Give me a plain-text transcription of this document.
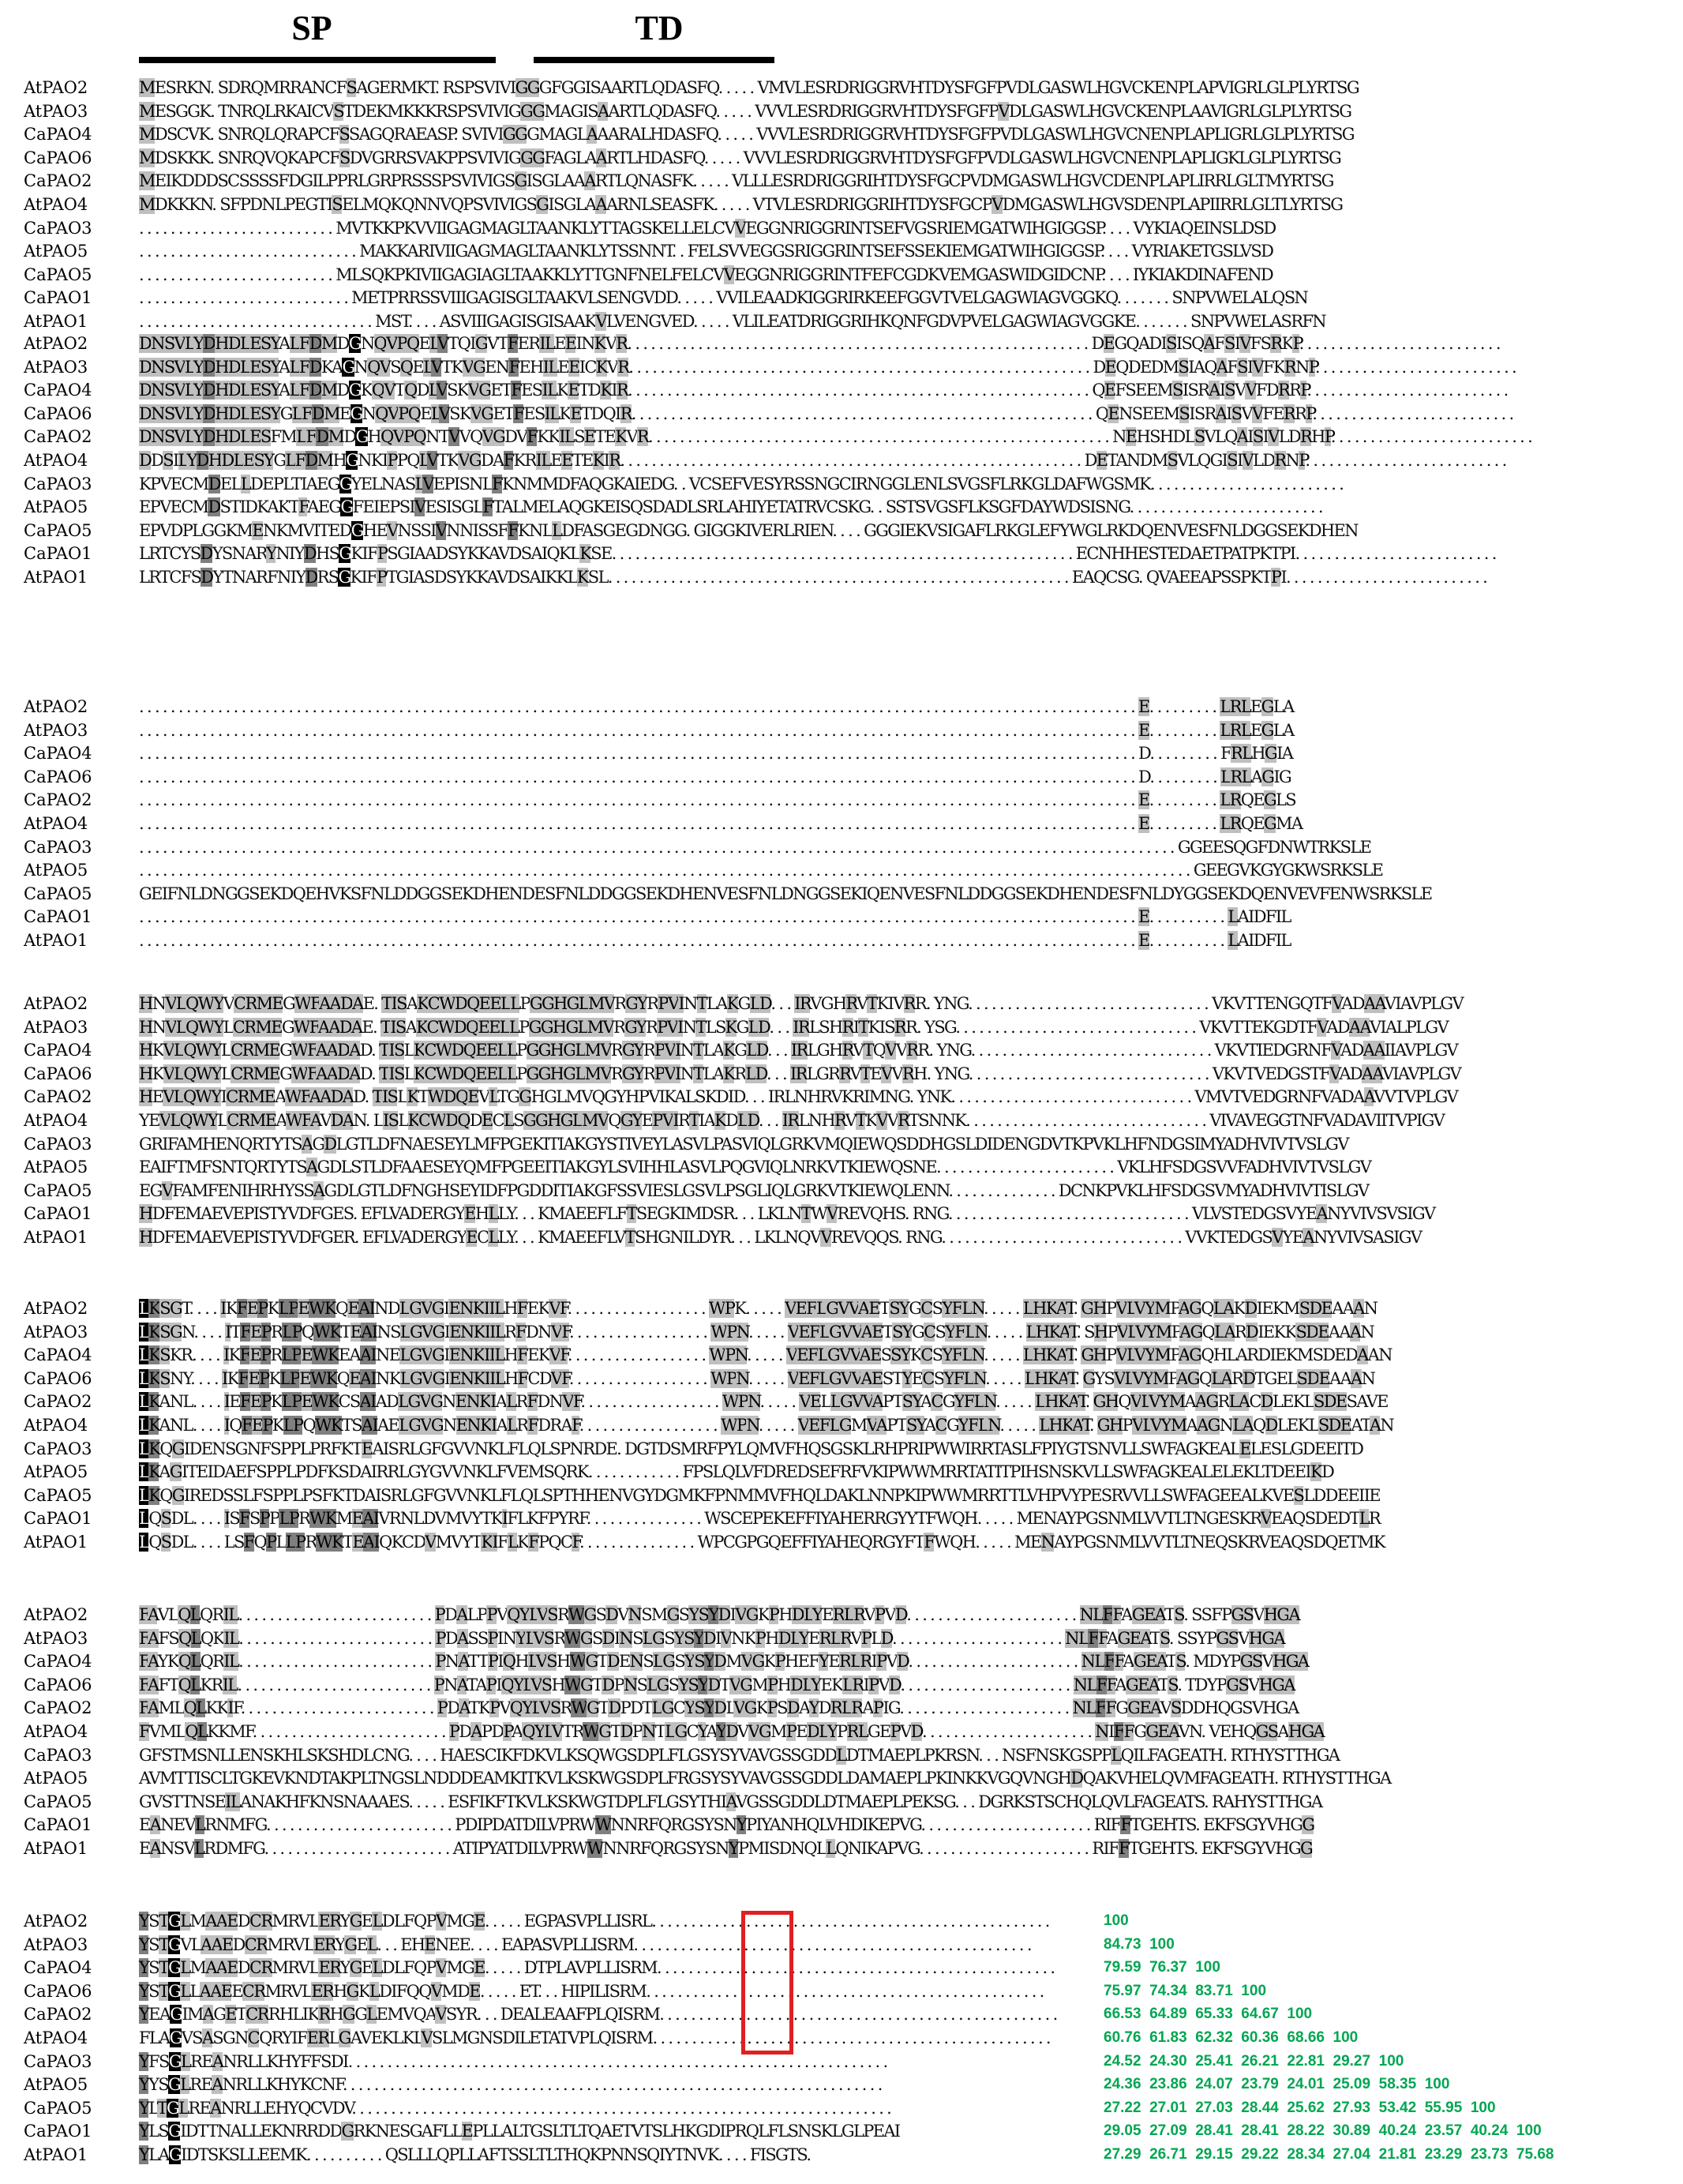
SP	TD
AtPAO2	MESRKN. SDRQMRRANCFSAGERMKT. RSPSVIVIGGGFGGISAARTLQDASFQ. . . . . VMVLESRDRIGGRVHTDYSFGFPVDLGASWLHGVCKENPLAPVIGRLGLPLYRTSG
AtPAO3	MESGGK. TNRQLRKAICVSTDEKMKKKRSPSVIVIGGGMAGISAARTLQDASFQ. . . . . VVVLESRDRIGGRVHTDYSFGFPVDLGASWLHGVCKENPLAAVIGRLGLPLYRTSG
CaPAO4	MDSCVK. SNRQLQRAPCFSSAGQRAEASP. SVIVIGGGMAGLAAARALHDASFQ. . . . . VVVLESRDRIGGRVHTDYSFGFPVDLGASWLHGVCNENPLAPLIGRLGLPLYRTSG
CaPAO6	MDSKKK. SNRQVQKAPCFSDVGRRSVAKPPSVIVIGGGFAGLAARTLHDASFQ. . . . . VVVLESRDRIGGRVHTDYSFGFPVDLGASWLHGVCNENPLAPLIGKLGLPLYRTSG
CaPAO2	MEIKDDDSCSSSSFDGILPPRLGRPRSSSPSVIVIGSGISGLAAARTLQNASFK. . . . . VLLLESRDRIGGRIHTDYSFGCPVDMGASWLHGVCDENPLAPLIRRLGLTMYRTSG
AtPAO4	MDKKKN. SFPDNLPEGTISELMQKQNNVQPSVIVIGSGISGLAAARNLSEASFK. . . . . VTVLESRDRIGGRIHTDYSFGCPVDMGASWLHGVSDENPLAPIIRRLGLTLYRTSG
CaPAO3	. . . . . . . . . . . . . . . . . . . . . . . . . MVTKKPKVVIIGAGMAGLTAANKLYTTAGSKELLELCVVEGGNRIGGRINTSEFVGSRIEMGATWIHGIGGSP. . . . VYKIAQEINSLDSD
AtPAO5	. . . . . . . . . . . . . . . . . . . . . . . . . . . . MAKKARIVIIGAGMAGLTAANKLYTSSNNT. . FELSVVEGGSRIGGRINTSEFSSEKIEMGATWIHGIGGSP. . . . VYRIAKETGSLVSD
CaPAO5	. . . . . . . . . . . . . . . . . . . . . . . . . MLSQKPKIVIIGAGIAGLTAAKKLYTTGNFNELFELCVVEGGNRIGGRINTFEFCGDKVEMGASWIDGIDCNP. . . . IYKIAKDINAFEND
CaPAO1	. . . . . . . . . . . . . . . . . . . . . . . . . . . METPRRSSVIIIGAGISGLTAAKVLSENGVDD. . . . . VVILEAADKIGGRIRKEEFGGVTVELGAGWIAGVGGKQ. . . . . . . SNPVWELALQSN
AtPAO1	. . . . . . . . . . . . . . . . . . . . . . . . . . . . . . MST. . . . ASVIIIGAGISGISAAKVLVENGVED. . . . . VLILEATDRIGGRIHKQNFGDVPVELGAGWIAGVGGKE. . . . . . . SNPVWELASRFN
AtPAO2	DNSVLYDHDLESYALFDMDGNQVPQELVTQIGVTFERILEEINKVR. . . . . . . . . . . . . . . . . . . . . . . . . . . . . . . . . . . . . . . . . . . . . . . . . . . . . . . . . . . DEGQADISISQAFSIVFSRKP. . . . . . . . . . . . . . . . . . . . . . . . . .
AtPAO3	DNSVLYDHDLESYALFDKAGNQVSQELVTKVGENFEHILEEICKVR. . . . . . . . . . . . . . . . . . . . . . . . . . . . . . . . . . . . . . . . . . . . . . . . . . . . . . . . . . . DEQDEDMSIAQAFSIVFKRNP. . . . . . . . . . . . . . . . . . . . . . . . . .
CaPAO4	DNSVLYDHDLESYALFDMDGKQVTQDLVSKVGETFESILKETDKIR. . . . . . . . . . . . . . . . . . . . . . . . . . . . . . . . . . . . . . . . . . . . . . . . . . . . . . . . . . . QEFSEEMSISRAISVVFDRRP. . . . . . . . . . . . . . . . . . . . . . . . . .
CaPAO6	DNSVLYDHDLESYGLFDMEGNQVPQELVSKVGETFESILKETDQIR. . . . . . . . . . . . . . . . . . . . . . . . . . . . . . . . . . . . . . . . . . . . . . . . . . . . . . . . . . . QENSEEMSISRAISVVFERRP. . . . . . . . . . . . . . . . . . . . . . . . . .
CaPAO2	DNSVLYDHDLESFMLFDMDGHQVPQNTVVQVGDVFKKILSETEKVR. . . . . . . . . . . . . . . . . . . . . . . . . . . . . . . . . . . . . . . . . . . . . . . . . . . . . . . . . . . NEHSHDLSVLQAISIVLDRHP. . . . . . . . . . . . . . . . . . . . . . . . . .
AtPAO4	DDSILYDHDLESYGLFDMHGNKIPPQLVTKVGDAFKRILEETEKIR. . . . . . . . . . . . . . . . . . . . . . . . . . . . . . . . . . . . . . . . . . . . . . . . . . . . . . . . . . . DETANDMSVLQGISIVLDRNP. . . . . . . . . . . . . . . . . . . . . . . . . .
CaPAO3	KPVECMDELLDEPLTIAEGGYELNASLVEPISNLFKNMMDFAQGKAIEDG. . VCSEFVESYRSSNGCIRNGGLENLSVGSFLRKGLDAFWGSMK. . . . . . . . . . . . . . . . . . . . . . . . .
AtPAO5	EPVECMDSTIDKAKTFAEGGFEIEPSIVESISGLFTALMELAQGKEISQSDADLSRLAHIYETATRVCSKG. . SSTSVGSFLKSGFDAYWDSISNG. . . . . . . . . . . . . . . . . . . . . . . . .
CaPAO5	EPVDPLGGKMENKMVITEDGHEVNSSIVNNISSFFKNLLDFASGEGDNGG. GIGGKIVERLRIEN. . . . GGGIEKVSIGAFLRKGLEFYWGLRKDQENVESFNLDGGSEKDHEN
CaPAO1	LRTCYSDYSNARYNIYDHSGKIFPSGIAADSYKKAVDSAIQKLKSE. . . . . . . . . . . . . . . . . . . . . . . . . . . . . . . . . . . . . . . . . . . . . . . . . . . . . . . . . . . ECNHHESTEDAETPATPKTPI. . . . . . . . . . . . . . . . . . . . . . . . . .
AtPAO1	LRTCFSDYTNARFNIYDRSGKIFPTGIASDSYKKAVDSAIKKLKSL. . . . . . . . . . . . . . . . . . . . . . . . . . . . . . . . . . . . . . . . . . . . . . . . . . . . . . . . . . . EAQCSG. QVAEEAPSSPKTPI. . . . . . . . . . . . . . . . . . . . . . . . . .
AtPAO2	. . . . . . . . . . . . . . . . . . . . . . . . . . . . . . . . . . . . . . . . . . . . . . . . . . . . . . . . . . . . . . . . . . . . . . . . . . . . . . . . . . . . . . . . . . . . . . . . . . . . . . . . . . . . . . . . . . . . . . . . . . . . . . . E. . . . . . . . . LRLEGLA
AtPAO3	. . . . . . . . . . . . . . . . . . . . . . . . . . . . . . . . . . . . . . . . . . . . . . . . . . . . . . . . . . . . . . . . . . . . . . . . . . . . . . . . . . . . . . . . . . . . . . . . . . . . . . . . . . . . . . . . . . . . . . . . . . . . . . . E. . . . . . . . . LRLEGLA
CaPAO4	. . . . . . . . . . . . . . . . . . . . . . . . . . . . . . . . . . . . . . . . . . . . . . . . . . . . . . . . . . . . . . . . . . . . . . . . . . . . . . . . . . . . . . . . . . . . . . . . . . . . . . . . . . . . . . . . . . . . . . . . . . . . . . . D. . . . . . . . . FRLHGIA
CaPAO6	. . . . . . . . . . . . . . . . . . . . . . . . . . . . . . . . . . . . . . . . . . . . . . . . . . . . . . . . . . . . . . . . . . . . . . . . . . . . . . . . . . . . . . . . . . . . . . . . . . . . . . . . . . . . . . . . . . . . . . . . . . . . . . . D. . . . . . . . . LRLAGIG
CaPAO2	. . . . . . . . . . . . . . . . . . . . . . . . . . . . . . . . . . . . . . . . . . . . . . . . . . . . . . . . . . . . . . . . . . . . . . . . . . . . . . . . . . . . . . . . . . . . . . . . . . . . . . . . . . . . . . . . . . . . . . . . . . . . . . . E. . . . . . . . . LRQEGLS
AtPAO4	. . . . . . . . . . . . . . . . . . . . . . . . . . . . . . . . . . . . . . . . . . . . . . . . . . . . . . . . . . . . . . . . . . . . . . . . . . . . . . . . . . . . . . . . . . . . . . . . . . . . . . . . . . . . . . . . . . . . . . . . . . . . . . . E. . . . . . . . . LRQEGMA
CaPAO3	. . . . . . . . . . . . . . . . . . . . . . . . . . . . . . . . . . . . . . . . . . . . . . . . . . . . . . . . . . . . . . . . . . . . . . . . . . . . . . . . . . . . . . . . . . . . . . . . . . . . . . . . . . . . . . . . . . . . . . . . . . . . . . . . . . . . GGEESQGFDNWTRKSLE
AtPAO5	. . . . . . . . . . . . . . . . . . . . . . . . . . . . . . . . . . . . . . . . . . . . . . . . . . . . . . . . . . . . . . . . . . . . . . . . . . . . . . . . . . . . . . . . . . . . . . . . . . . . . . . . . . . . . . . . . . . . . . . . . . . . . . . . . . . . . . GEEGVKGYGKWSRKSLE
CaPAO5	GEIFNLDNGGSEKDQEHVKSFNLDDGGSEKDHENDESFNLDDGGSEKDHENVESFNLDNGGSEKIQENVESFNLDDGGSEKDHENDESFNLDYGGSEKDQENVEVFENWSRKSLE
CaPAO1	. . . . . . . . . . . . . . . . . . . . . . . . . . . . . . . . . . . . . . . . . . . . . . . . . . . . . . . . . . . . . . . . . . . . . . . . . . . . . . . . . . . . . . . . . . . . . . . . . . . . . . . . . . . . . . . . . . . . . . . . . . . . . . . E. . . . . . . . . . LAIDFIL
AtPAO1	. . . . . . . . . . . . . . . . . . . . . . . . . . . . . . . . . . . . . . . . . . . . . . . . . . . . . . . . . . . . . . . . . . . . . . . . . . . . . . . . . . . . . . . . . . . . . . . . . . . . . . . . . . . . . . . . . . . . . . . . . . . . . . . E. . . . . . . . . . LAIDFIL
AtPAO2	HNVLQWYVCRMEGWFAADAE. TISAKCWDQEELLPGGHGLMVRGYRPVINTLAKGLD. . . IRVGHRVTKIVRR. YNG. . . . . . . . . . . . . . . . . . . . . . . . . . . . . . . VKVTTENGQTFVADAAVIAVPLGV
AtPAO3	HNVLQWYLCRMEGWFAADAE. TISAKCWDQEELLPGGHGLMVRGYRPVINTLSKGLD. . . IRLSHRITKISRR. YSG. . . . . . . . . . . . . . . . . . . . . . . . . . . . . . . VKVTTEKGDTFVADAAVIALPLGV
CaPAO4	HKVLQWYLCRMEGWFAADAD. TISLKCWDQEELLPGGHGLMVRGYRPVINTLAKGLD. . . IRLGHRVTQVVRR. YNG. . . . . . . . . . . . . . . . . . . . . . . . . . . . . . . VKVTIEDGRNFVADAAIIAVPLGV
CaPAO6	HKVLQWYLCRMEGWFAADAD. TISLKCWDQEELLPGGHGLMVRGYRPVINTLAKRLD. . . IRLGRRVTEVVRH. YNG. . . . . . . . . . . . . . . . . . . . . . . . . . . . . . . VKVTVEDGSTFVADAAVIAVPLGV
CaPAO2	HEVLQWYICRMEAWFAADAD. TISLKTWDQEVLTGGHGLMVQGYHPVIKALSKDID. . . IRLNHRVKRIMNG. YNK. . . . . . . . . . . . . . . . . . . . . . . . . . . . . . . VMVTVEDGRNFVADAAVVTVPLGV
AtPAO4	YEVLQWYLCRMEAWFAVDAN. LISLKCWDQDECLSGGHGLMVQGYEPVIRTIAKDLD. . . IRLNHRVTKVVRTSNNK. . . . . . . . . . . . . . . . . . . . . . . . . . . . . . . VIVAVEGGTNFVADAVIITVPIGV
CaPAO3	GRIFAMHENQRTYTSAGDLGTLDFNAESEYLMFPGEKITIAKGYSTIVEYLASVLPASVIQLGRKVMQIEWQSDDHGSLDIDENGDVTKPVKLHFNDGSIMYADHVIVTVSLGV
AtPAO5	EAIFTMFSNTQRTYTSAGDLSTLDFAAESEYQMFPGEEITIAKGYLSVIHHLASVLPQGVIQLNRKVTKIEWQSNE. . . . . . . . . . . . . . . . . . . . . . . VKLHFSDGSVVFADHVIVTVSLGV
CaPAO5	EGVFAMFENIHRHYSSAGDLGTLDFNGHSEYIDFPGDDITIAKGFSSVIESLGSVLPSGLIQLGRKVTKIEWQLENN. . . . . . . . . . . . . . DCNKPVKLHFSDGSVMYADHVIVTISLGV
CaPAO1	HDFEMAEVEPISTYVDFGES. EFLVADERGYEHLLY. . . KMAEEFLFTSEGKIMDSR. . . LKLNTWVREVQHS. RNG. . . . . . . . . . . . . . . . . . . . . . . . . . . . . . . VLVSTEDGSVYEANYVIVSVSIGV
AtPAO1	HDFEMAEVEPISTYVDFGER. EFLVADERGYECLLY. . . KMAEEFLVTSHGNILDYR. . . LKLNQVVREVQQS. RNG. . . . . . . . . . . . . . . . . . . . . . . . . . . . . . . VVKTEDGSVYEANYVIVSASIGV
AtPAO2	LKSGT. . . . IKFEPKLPEWKQEAINDLGVGIENKIILHFEKVF. . . . . . . . . . . . . . . . . . WPK. . . . . VEFLGVVAETSYGCSYFLN. . . . . LHKAT. GHPVLVYMPAGQLAKDIEKMSDEAAAN
AtPAO3	LKSGN. . . . ITFEPRLPQWKTEAINSLGVGIENKIILRFDNVF. . . . . . . . . . . . . . . . . . WPN. . . . . VEFLGVVAETSYGCSYFLN. . . . . LHKAT. SHPVLVYMPAGQLARDIEKKSDEAAAN
CaPAO4	LKSKR. . . . IKFEPRLPEWKEAAINELGVGIENKIILHFEKVF. . . . . . . . . . . . . . . . . . WPN. . . . . VEFLGVVAESSYKCSYFLN. . . . . LHKAT. GHPVLVYMPAGQHLARDIEKMSDEDAAN
CaPAO6	LKSNY. . . . IKFEPKLPEWKQEAINKLGVGIENKIILHFCDVF. . . . . . . . . . . . . . . . . . WPN. . . . . VEFLGVVAESTYECSYFLN. . . . . LHKAT. GYSVLVYMPAGQLARDTGELSDEAAAN
CaPAO2	LKANL. . . . IEFEPKLPEWKCSAIADLGVGNENKIALRFDNVF. . . . . . . . . . . . . . . . . . WPN. . . . . VELLGVVAPTSYACGYFLN. . . . . LHKAT. GHQVLVYMAAGRLACDLEKLSDESAVE
AtPAO4	LKANL. . . . IQFEPKLPQWKTSAIAELGVGNENKIALRFDRAF. . . . . . . . . . . . . . . . . . WPN. . . . . VEFLGMVAPTSYACGYFLN. . . . . LHKAT. GHPVLVYMAAGNLAQDLEKLSDEATAN
CaPAO3	LKQGIDENSGNFSPPLPRFKTEAISRLGFGVVNKLFLQLSPNRDE. DGTDSMRFPYLQMVFHQSGSKLRHPRIPWWIRRTASLFPIYGTSNVLLSWFAGKEALELESLGDEEITD
AtPAO5	LKAGITEIDAEFSPPLPDFKSDAIRRLGYGVVNKLFVEMSQRK. . . . . . . . . . . . FPSLQLVFDREDSEFRFVKIPWWMRRTATITPIHSNSKVLLSWFAGKEALELEKLTDEEIKD
CaPAO5	LKQGIREDSSLFSPPLPSFKTDAISRLGFGVVNKLFLQLSPTHHENVGYDGMKFPNMMVFHQLDAKLNNPKIPWWMRRTTLVHPVYPESRVVLLSWFAGEEALKVESLDDEEIIE
CaPAO1	LQSDL. . . . ISFSPPLPRWKMEAIVRNLDVMVYTKIFLKFPYRF. . . . . . . . . . . . . . . WSCEPEKEFFIYAHERRGYYTFWQH. . . . . MENAYPGSNMLVVTLTNGESKRVEAQSDEDTLR
AtPAO1	LQSDL. . . . LSFQPLLPRWKTEAIQKCDVMVYTKIFLKFPQCF. . . . . . . . . . . . . . . WPCGPGQEFFIYAHEQRGYFTFWQH. . . . . MENAYPGSNMLVVTLTNEQSKRVEAQSDQETMK
AtPAO2	FAVLQLQRIL. . . . . . . . . . . . . . . . . . . . . . . . . PDALPPVQYLVSRWGSDVNSMGSYSYDIVGKPHDLYERLRVPVD. . . . . . . . . . . . . . . . . . . . . . NLFFAGEATS. SSFPGSVHGA
AtPAO3	FAFSQLQKIL. . . . . . . . . . . . . . . . . . . . . . . . . PDASSPINYLVSRWGSDINSLGSYSYDIVNKPHDLYERLRVPLD. . . . . . . . . . . . . . . . . . . . . . NLFFAGEATS. SSYPGSVHGA
CaPAO4	FAYKQLQRIL. . . . . . . . . . . . . . . . . . . . . . . . . PNATTPIQHLVSHWGTDENSLGSYSYDMVGKPHEFYERLRIPVD. . . . . . . . . . . . . . . . . . . . . . NLFFAGEATS. MDYPGSVHGA
CaPAO6	FAFTQLKRIL. . . . . . . . . . . . . . . . . . . . . . . . . PNATAPIQYLVSHWGTDPNSLGSYSYDTVGMPHDLYEKLRIPVD. . . . . . . . . . . . . . . . . . . . . . NLFFAGEATS. TDYPGSVHGA
CaPAO2	FAMLQLKKIF. . . . . . . . . . . . . . . . . . . . . . . . . PDATKPVQYLVSRWGTDPDTLGCYSYDLVGKPSDAYDRLRAPIG. . . . . . . . . . . . . . . . . . . . . . NLFFGGEAVSDDHQGSVHGA
AtPAO4	FVMLQLKKMF. . . . . . . . . . . . . . . . . . . . . . . . . PDAPDPAQYLVTRWGTDPNTLGCYAYDVVGMPEDLYPRLGEPVD. . . . . . . . . . . . . . . . . . . . . . NIFFGGEAVN. VEHQGSAHGA
CaPAO3	GFSTMSNLLENSKHLSKSHDLCNG. . . . HAESCIKFDKVLKSQWGSDPLFLGSYSYVAVGSSGDDLDTMAEPLPKRSN. . . NSFNSKGSPPLQILFAGEATH. RTHYSTTHGA
AtPAO5	AVMTTISCLTGKEVKNDTAKPLTNGSLNDDDEAMKITKVLKSKWGSDPLFRGSYSYVAVGSSGDDLDAMAEPLPKINKKVGQVNGHDQAKVHELQVMFAGEATH. RTHYSTTHGA
CaPAO5	GVSTTNSEILANAKHFKNSNAAAES. . . . . ESFIKFTKVLKSKWGTDPLFLGSYTHIAVGSSGDDLDTMAEPLPEKSG. . . DGRKSTSCHQLQVLFAGEATS. RAHYSTTHGA
CaPAO1	EANEVLRNMFG. . . . . . . . . . . . . . . . . . . . . . . . PDIPDATDILVPRWWNNRFQRGSYSNYPIYANHQLVHDIKEPVG. . . . . . . . . . . . . . . . . . . . . . RIFFTGEHTS. EKFSGYVHGG
AtPAO1	EANSVLRDMFG. . . . . . . . . . . . . . . . . . . . . . . . ATIPYATDILVPRWWNNRFQRGSYSNYPMISDNQLLQNIKAPVG. . . . . . . . . . . . . . . . . . . . . . RIFFTGEHTS. EKFSGYVHGG
AtPAO2	YSTGLMAAEDCRMRVLERYGELDLFQPVMGE. . . . . EGPASVPLLISRL. . . . . . . . . . . . . . . . . . . . . . . . . . . . . . . . . . . . . . . . . . . . . . . . . . .	100
AtPAO3	YSTGVLAAEDCRMRVLERYGEL. . . EHENEE. . . . EAPASVPLLISRM. . . . . . . . . . . . . . . . . . . . . . . . . . . . . . . . . . . . . . . . . . . . . . . . . . .	84.73  100
CaPAO4	YSTGLMAAEDCRMRVLERYGELDLFQPVMGE. . . . . DTPLAVPLLISRM. . . . . . . . . . . . . . . . . . . . . . . . . . . . . . . . . . . . . . . . . . . . . . . . . . .	79.59  76.37  100
CaPAO6	YSTGLLAAEECRMRVLERHGKLDIFQQVMDE. . . . . ET. . . HIPILISRM. . . . . . . . . . . . . . . . . . . . . . . . . . . . . . . . . . . . . . . . . . . . . . . . . . .	75.97  74.34  83.71  100
CaPAO2	YEAGIMAGETCRRHLIKRHGGLEMVQAVSYR. . . DEALEAAFPLQISRM. . . . . . . . . . . . . . . . . . . . . . . . . . . . . . . . . . . . . . . . . . . . . . . . . . .	66.53  64.89  65.33  64.67  100
AtPAO4	FLAGVSASGNCQRYIFERLGAVEKLKLVSLMGNSDILETATVPLQISRM. . . . . . . . . . . . . . . . . . . . . . . . . . . . . . . . . . . . . . . . . . . . . . . . . . .	60.76  61.83  62.32  60.36  68.66  100
CaPAO3	YFSGLREANRLLKHYFFSDI. . . . . . . . . . . . . . . . . . . . . . . . . . . . . . . . . . . . . . . . . . . . . . . . . . . . . . . . . . . . . . . . . . . . .	24.52  24.30  25.41  26.21  22.81  29.27  100
AtPAO5	YYSGLREANRLLKHYKCNF. . . . . . . . . . . . . . . . . . . . . . . . . . . . . . . . . . . . . . . . . . . . . . . . . . . . . . . . . . . . . . . . . . . . .	24.36  23.86  24.07  23.79  24.01  25.09  58.35  100
CaPAO5	YLTGLREANRLLEHYQCVDV. . . . . . . . . . . . . . . . . . . . . . . . . . . . . . . . . . . . . . . . . . . . . . . . . . . . . . . . . . . . . . . . . . . . .	27.22  27.01  27.03  28.44  25.62  27.93  53.42  55.95  100
CaPAO1	YLSGIDTTNALLEKNRRDDGRKNESGAFLLEPLLALTGSLTLTQAETVTSLHKGDIPRQLFLSNSKLGLPEAI	29.05  27.09  28.41  28.41  28.22  30.89  40.24  23.57  40.24  100
AtPAO1	YLAGIDTSKSLLEEMK. . . . . . . . . . QSLLLQPLLAFTSSLTLTHQKPNNSQIYTNVK. . . . FISGTS.	27.29  26.71  29.15  29.22  28.34  27.04  21.81  23.29  23.73  75.68
